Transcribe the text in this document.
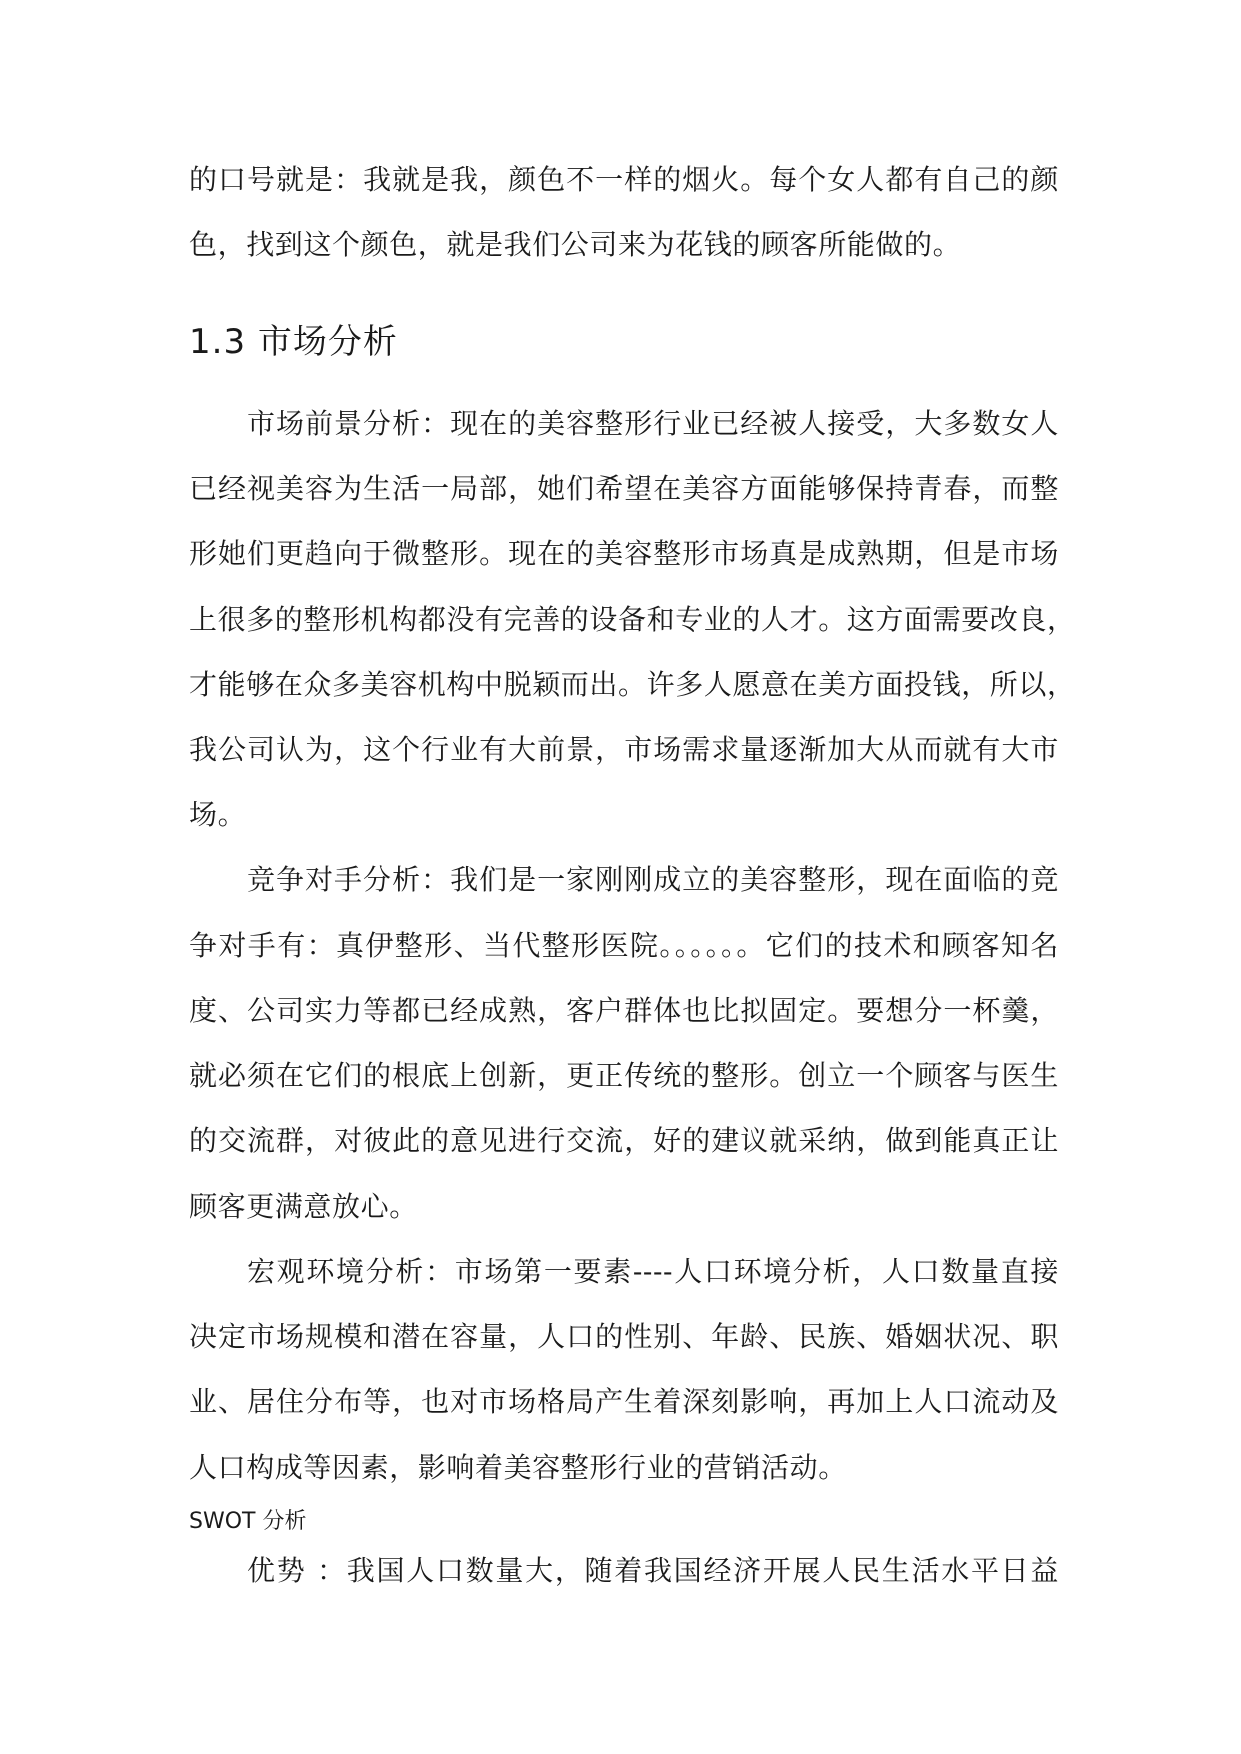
的口号就是：我就是我，颜色不一样的烟火。每个女人都有自己的颜
色，找到这个颜色，就是我们公司来为花钱的顾客所能做的。
1.3 市场分析
市场前景分析：现在的美容整形行业已经被人接受，大多数女人
已经视美容为生活一局部，她们希望在美容方面能够保持青春，而整
形她们更趋向于微整形。现在的美容整形市场真是成熟期，但是市场
上很多的整形机构都没有完善的设备和专业的人才。这方面需要改良，
才能够在众多美容机构中脱颖而出。许多人愿意在美方面投钱，所以，
我公司认为，这个行业有大前景，市场需求量逐渐加大从而就有大市
场。
竞争对手分析：我们是一家刚刚成立的美容整形，现在面临的竞
争对手有：真伊整形、当代整形医院。。。。。。它们的技术和顾客知名
度、公司实力等都已经成熟，客户群体也比拟固定。要想分一杯羹，
就必须在它们的根底上创新，更正传统的整形。创立一个顾客与医生
的交流群，对彼此的意见进行交流，好的建议就采纳，做到能真正让
顾客更满意放心。
宏观环境分析：市场第一要素----人口环境分析，人口数量直接
决定市场规模和潜在容量，人口的性别、年龄、民族、婚姻状况、职
业、居住分布等，也对市场格局产生着深刻影响，再加上人口流动及
人口构成等因素，影响着美容整形行业的营销活动。
SWOT 分析
优势 ：我国人口数量大，随着我国经济开展人民生活水平日益
